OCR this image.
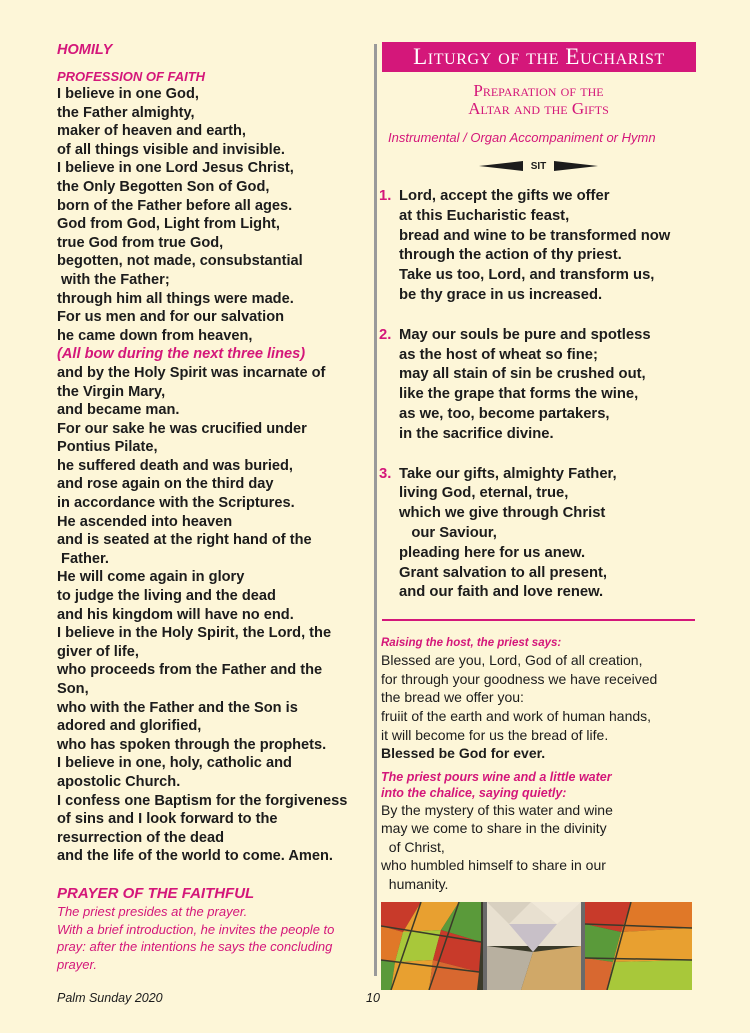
HOMILY
PROFESSION OF FAITH
I believe in one God,
the Father almighty,
maker of heaven and earth,
of all things visible and invisible.
I believe in one Lord Jesus Christ,
the Only Begotten Son of God,
born of the Father before all ages.
God from God, Light from Light,
true God from true God,
begotten, not made, consubstantial
with the Father;
through him all things were made.
For us men and for our salvation
he came down from heaven,
(All bow during the next three lines)
and by the Holy Spirit was incarnate of
the Virgin Mary,
and became man.
For our sake he was crucified under
Pontius Pilate,
he suffered death and was buried,
and rose again on the third day
in accordance with the Scriptures.
He ascended into heaven
and is seated at the right hand of the
Father.
He will come again in glory
to judge the living and the dead
and his kingdom will have no end.
I believe in the Holy Spirit, the Lord, the
giver of life,
who proceeds from the Father and the
Son,
who with the Father and the Son is
adored and glorified,
who has spoken through the prophets.
I believe in one, holy, catholic and
apostolic Church.
I confess one Baptism for the forgiveness
of sins and I look forward to the
resurrection of the dead
and the life of the world to come. Amen.
PRAYER OF THE FAITHFUL
The priest presides at the prayer.
With a brief introduction, he invites the people to
pray: after the intentions he says the concluding
prayer.
Liturgy of the Eucharist
Preparation of the
Altar and the Gifts
Instrumental / Organ Accompaniment or Hymn
SIT
1. Lord, accept the gifts we offer
at this Eucharistic feast,
bread and wine to be transformed now
through the action of thy priest.
Take us too, Lord, and transform us,
be thy grace in us increased.
2. May our souls be pure and spotless
as the host of wheat so fine;
may all stain of sin be crushed out,
like the grape that forms the wine,
as we, too, become partakers,
in the sacrifice divine.
3. Take our gifts, almighty Father,
living God, eternal, true,
which we give through Christ
our Saviour,
pleading here for us anew.
Grant salvation to all present,
and our faith and love renew.
Raising the host, the priest says:
Blessed are you, Lord, God of all creation,
for through your goodness we have received
the bread we offer you:
fruiit of the earth and work of human hands,
it will become for us the bread of life.
Blessed be God for ever.
The priest pours wine and a little water
into the chalice, saying quietly:
By the mystery of this water and wine
may we come to share in the divinity
of Christ,
who humbled himself to share in our
humanity.
Palm Sunday 2020	10
